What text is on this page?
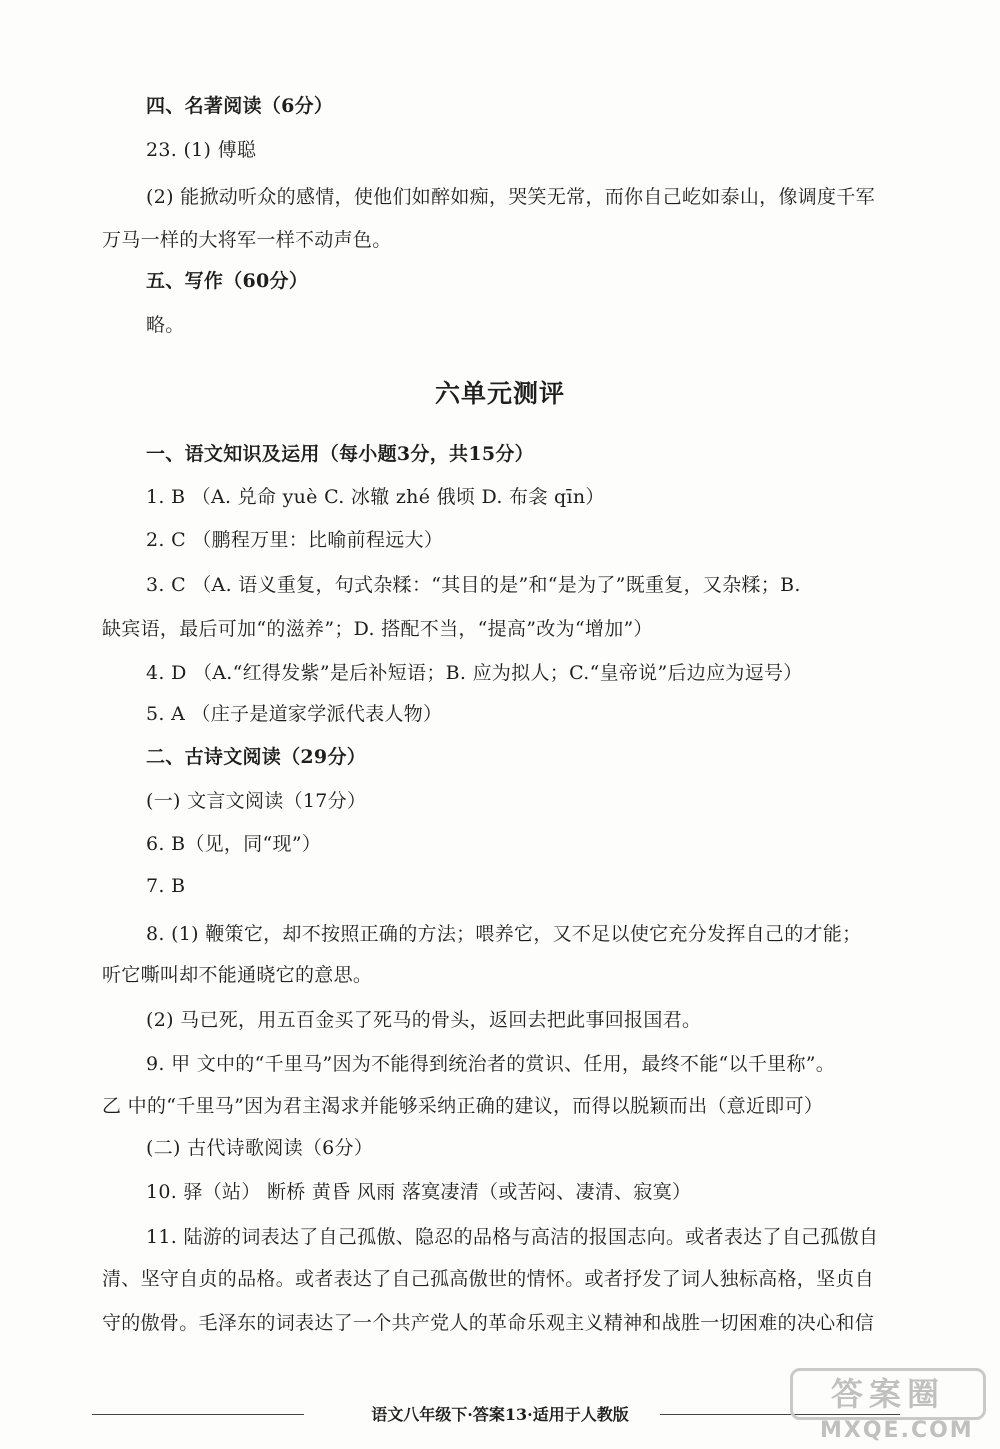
四、名著阅读（6分）
23. (1) 傅聪
(2) 能掀动听众的感情，使他们如醉如痴，哭笑无常，而你自己屹如泰山，像调度千军
万马一样的大将军一样不动声色。
五、写作（60分）
略。
六单元测评
一、语文知识及运用（每小题3分，共15分）
1. B （A. 兑命 yuè C. 冰辙 zhé 俄顷 D. 布衾 qīn）
2. C （鹏程万里：比喻前程远大）
3. C （A. 语义重复，句式杂糅：“其目的是”和“是为了”既重复，又杂糅；B.
缺宾语，最后可加“的滋养”；D. 搭配不当，“提高”改为“增加”）
4. D （A.“红得发紫”是后补短语；B. 应为拟人；C.“皇帝说”后边应为逗号）
5. A （庄子是道家学派代表人物）
二、古诗文阅读（29分）
(一) 文言文阅读（17分）
6. B（见，同“现”）
7. B
8. (1) 鞭策它，却不按照正确的方法；喂养它，又不足以使它充分发挥自己的才能；
听它嘶叫却不能通晓它的意思。
(2) 马已死，用五百金买了死马的骨头，返回去把此事回报国君。
9. 甲 文中的“千里马”因为不能得到统治者的赏识、任用，最终不能“以千里称”。
乙 中的“千里马”因为君主渴求并能够采纳正确的建议，而得以脱颖而出（意近即可）
(二) 古代诗歌阅读（6分）
10. 驿（站） 断桥 黄昏 风雨 落寞凄清（或苦闷、凄清、寂寞）
11. 陆游的词表达了自己孤傲、隐忍的品格与高洁的报国志向。或者表达了自己孤傲自
清、坚守自贞的品格。或者表达了自己孤高傲世的情怀。或者抒发了词人独标高格，坚贞自
守的傲骨。毛泽东的词表达了一个共产党人的革命乐观主义精神和战胜一切困难的决心和信
语文八年级下·答案13·适用于人教版
答案圈
MXQE.COM
